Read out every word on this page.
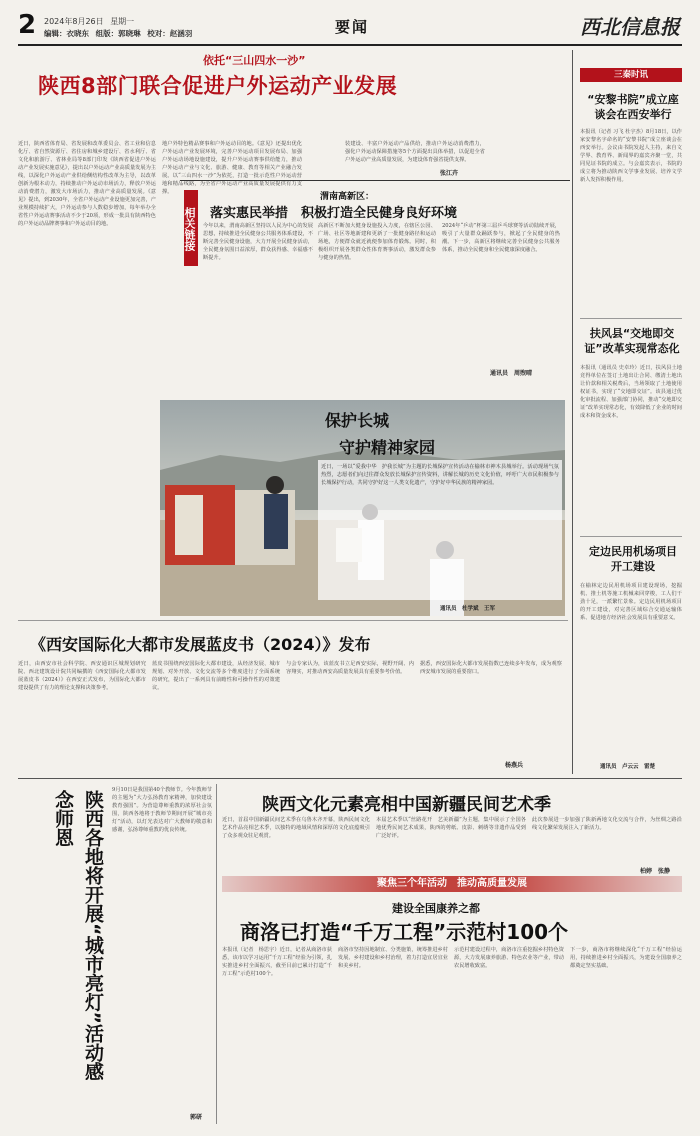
2 2024年8月26日 星期一
编辑：衣晓东 组版：郭晓琳 校对：赵涵羽	要闻	西北信息报
依托“三山四水一沙”
陕西8部门联合促进户外运动产业发展
近日，陕西省体育局、省发展和改革委员会、省工业和信息化厅、省自然资源厅、省住房和城乡建设厅、省水利厅、省文化和旅游厅、省林业局等8部门印发《陕西省促进户外运动产业发展实施意见》，提出以户外运动产业高质量发展为主线，以深化户外运动产业供给侧结构性改革为主导，以改革创新为根本动力，持续推动户外运动市场活力，释放户外运动消费潜力，激发大市场活力，推动产业高质量发展。《意见》提出，到2030年，全省户外运动产业设施更加完善，产业规模持续扩大，户外运动参与人数稳步增加，每年举办全省性户外运动赛事活动不少于20项，形成一批具有陕西特色的户外运动品牌赛事和户外运动目的地。
地户外特色精品赛事和户外运动目的地。《意见》还提出优化户外运动产业发展环境，完善户外运动项目发展布局、加强户外运动场地设施建设，提升户外运动赛事供给能力，推动户外运动产业与文化、旅游、健康、教育等相关产业融合发展。以“三山四水一沙”为依托，打造一批示范性户外运动营地和精品线路，为全省户外运动产业高质量发展提供有力支撑。
装建设、丰富户外运动产品供给，推动户外运动消费潜力，强化户外运动保障措施等5个方面提出具体举措，以促进全省户外运动产业高质量发展，为建设体育强省提供支撑。
张江卉
相关链接
渭南高新区：
落实惠民举措　积极打造全民健身良好环境
今年以来，渭南高新区坚持以人民为中心的发展思想，持续推进全民健身公共服务体系建设，不断完善全民健身设施，大力开展全民健身活动，全民健身氛围日益浓厚，群众获得感、幸福感不断提升。
高新区不断加大健身设施投入力度，在辖区公园、广场、社区等地新建和更新了一批健身路径和运动场地，方便群众就近就便参加体育锻炼。同时，积极组织开展各类群众性体育赛事活动，激发群众参与健身的热情。
2024年“乒动”杯第三届乒乓球赛等活动陆续开展，吸引了大量群众踊跃参与，掀起了全民健身的热潮。下一步，高新区将继续完善全民健身公共服务体系，推动全民健身和全民健康深度融合。
通讯员　周煦晴
保护长城
守护精神家园
近日，一场以“爱我中华　护我长城”为主题的长城保护宣传活动在榆林市神木县城举行。活动现场气氛热烈，志愿者们向过往群众发放长城保护宣传资料，讲解长城的历史文化价值，呼吁广大市民积极参与长城保护行动，共同守护好这一人类文化遗产，守护好中华民族的精神家园。
通讯员　杜学斌　王军
《西安国际化大都市发展蓝皮书（2024）》发布
近日，由西安市社会科学院、西安通识区城规划研究院、西北建筑设计院共同编撰的《西安国际化大都市发展蓝皮书（2024）》在西安正式发布，为国际化大都市建设提供了有力的理论支撑和决策参考。
蓝皮书围绕西安国际化大都市建设，从经济发展、城市规划、对外开放、文化交流等多个维度进行了全面系统的研究，提出了一系列具有前瞻性和可操作性的对策建议。
与会专家认为，该蓝皮书立足西安实际，视野开阔、内容翔实，对推动西安高质量发展具有重要参考价值。
据悉，西安国际化大都市发展指数已连续多年发布，成为观察西安城市发展的重要窗口。
杨燕兵
陕西各地将开展“城市亮灯”活动感念师恩	9月10日是我国第40个教师节。今年教师节的主题为“大力弘扬教育家精神，加快建设教育强国”。为营造尊师重教的浓厚社会氛围，陕西各地将于教师节期间开展“城市亮灯”活动，以灯光表达对广大教师的敬意和感谢，弘扬尊师重教的优良传统。
郭研
陕西文化元素亮相中国新疆民间艺术季
近日，首届中国新疆民间艺术季在乌鲁木齐开幕，陕西民间文化艺术作品亮相艺术季，以独特的地域风情和深厚的文化底蕴吸引了众多观众驻足观赏。
本届艺术季以“丝路花开　艺美新疆”为主题，集中展示了全国各地优秀民间艺术成果，陕西的剪纸、皮影、刺绣等非遗作品受到广泛好评。
此次参展进一步加强了陕新两地文化交流与合作，为丝绸之路沿线文化繁荣发展注入了新活力。
柏婷　张静
聚焦三个年活动　推动高质量发展
建设全国康养之都
商洛已打造“千万工程”示范村100个
本报讯（记者　杨思宇）近日，记者从商洛市获悉，该市以学习运用“千万工程”经验为引领，扎实推进乡村全面振兴，截至目前已累计打造“千万工程”示范村100个。
商洛市坚持因地制宜、分类施策，统筹推进乡村发展、乡村建设和乡村治理，着力打造宜居宜业和美乡村。
示范村建设过程中，商洛市注重挖掘乡村特色资源，大力发展康养旅游、特色农业等产业，带动农民增收致富。
下一步，商洛市将继续深化“千万工程”经验运用，持续推进乡村全面振兴，为建设全国康养之都奠定坚实基础。
三秦时讯
“安黎书院”成立座谈会在西安举行
本报讯（记者 习飞 杜宇杰）8月18日，以作家安黎名字命名的“安黎书院”成立座谈会在西安举行。会议由书院发起人主持，来自文学界、教育界、新闻界的嘉宾齐聚一堂，共同见证书院的成立。与会嘉宾表示，书院的成立将为推动陕西文学事业发展、培养文学新人发挥积极作用。
扶风县“交地即交证”改革实现常态化
本报讯（通讯员 史卓玲）近日，扶风县土地竞得单位在签订土地出让合同、缴清土地出让价款和相关税费后，当场领取了土地使用权证书，实现了“交地即交证”。该县通过优化审批流程、加强部门协同，推动“交地即交证”改革实现常态化，有效降低了企业的时间成本和资金成本。
定边民用机场项目开工建设
在榆林定边民用机场项目建设现场，挖掘机、推土机等施工机械来回穿梭，工人们干劲十足，一派繁忙景象。定边民用机场项目的开工建设，对完善区域综合交通运输体系、促进地方经济社会发展具有重要意义。
通讯员　卢云云　雷楚
